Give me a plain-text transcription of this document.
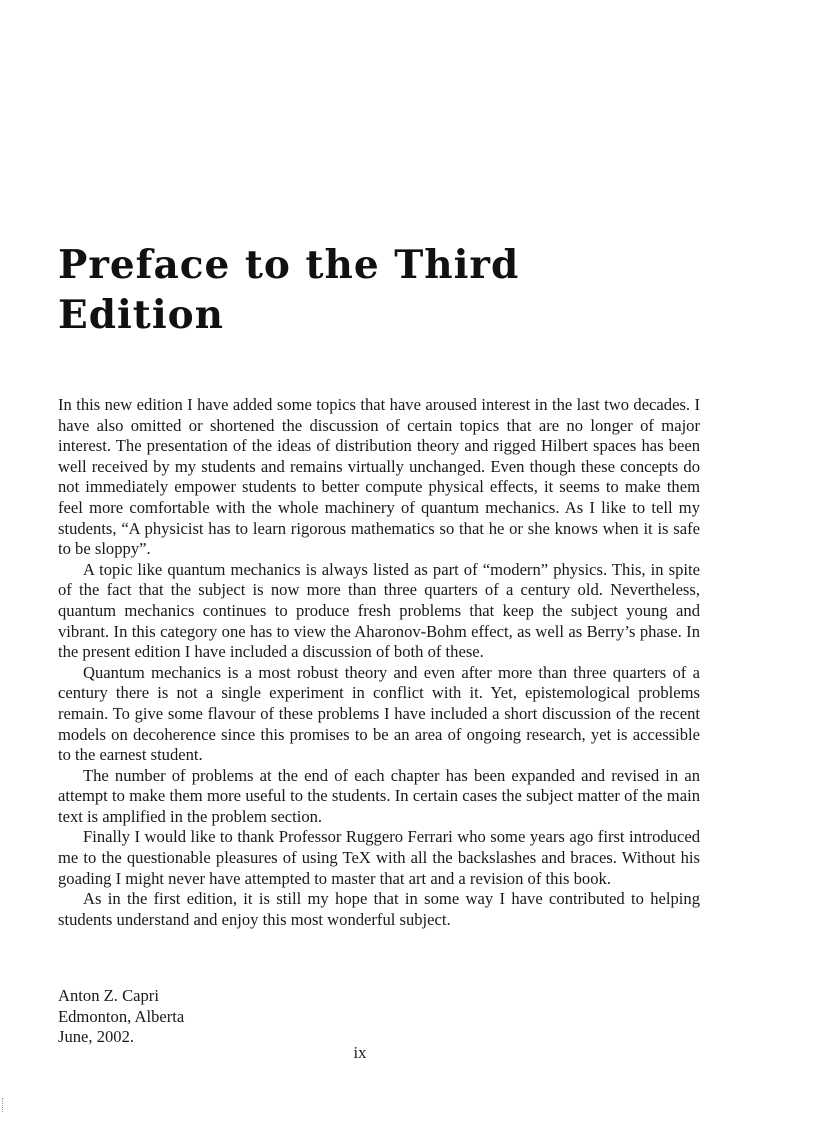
Preface to the Third
Edition

In this new edition I have added some topics that have aroused interest in the last two decades. I have also omitted or shortened the discussion of certain topics that are no longer of major interest. The presentation of the ideas of distribution theory and rigged Hilbert spaces has been well received by my students and remains virtually unchanged. Even though these concepts do not immediately empower students to better compute physical effects, it seems to make them feel more comfortable with the whole machinery of quantum mechanics. As I like to tell my students, “A physicist has to learn rigorous mathematics so that he or she knows when it is safe to be sloppy”.

A topic like quantum mechanics is always listed as part of “modern” physics. This, in spite of the fact that the subject is now more than three quarters of a century old. Nevertheless, quantum mechanics continues to produce fresh problems that keep the subject young and vibrant. In this category one has to view the Aharonov-Bohm effect, as well as Berry’s phase. In the present edition I have included a discussion of both of these.

Quantum mechanics is a most robust theory and even after more than three quarters of a century there is not a single experiment in conflict with it. Yet, epistemological problems remain. To give some flavour of these problems I have included a short discussion of the recent models on decoherence since this promises to be an area of ongoing research, yet is accessible to the earnest student.

The number of problems at the end of each chapter has been expanded and revised in an attempt to make them more useful to the students. In certain cases the subject matter of the main text is amplified in the problem section.

Finally I would like to thank Professor Ruggero Ferrari who some years ago first introduced me to the questionable pleasures of using TeX with all the backslashes and braces. Without his goading I might never have attempted to master that art and a revision of this book.

As in the first edition, it is still my hope that in some way I have contributed to helping students understand and enjoy this most wonderful subject.

Anton Z. Capri
Edmonton, Alberta
June, 2002.
ix
